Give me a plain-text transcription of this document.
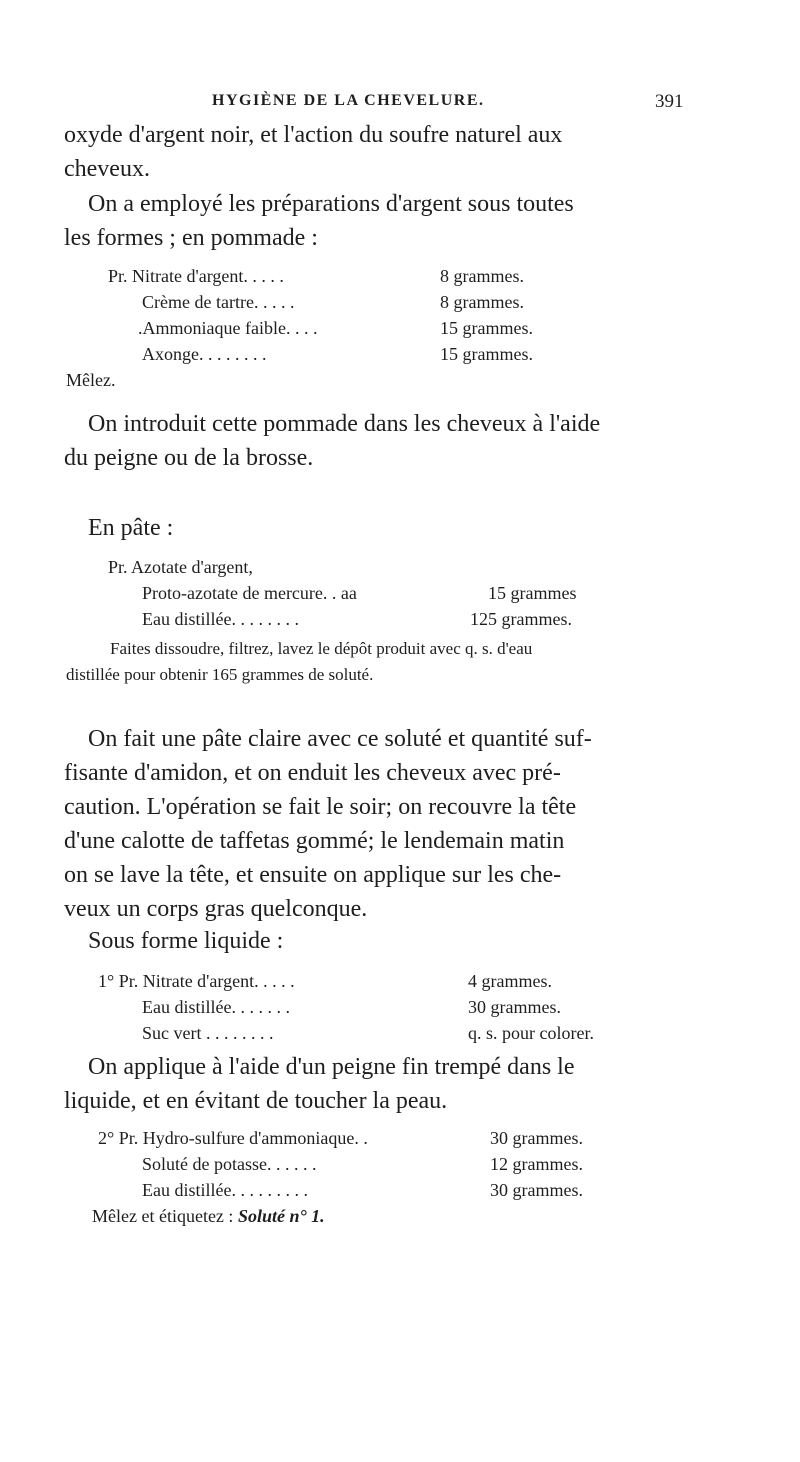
HYGIÈNE DE LA CHEVELURE.	391

oxyde d'argent noir, et l'action du soufre naturel aux

cheveux.

On a employé les préparations d'argent sous toutes

les formes ; en pommade :

Pr. Nitrate d'argent. . . . .	8 grammes.
Crème de tartre. . . . .	8 grammes.
.Ammoniaque faible. . . .	15 grammes.
Axonge. . . . . . . .	15 grammes.
Mêlez.

On introduit cette pommade dans les cheveux à l'aide

du peigne ou de la brosse.

En pâte :

Pr. Azotate d'argent,
Proto-azotate de mercure. . aa	15 grammes
Eau distillée. . . . . . . .	125 grammes.

Faites dissoudre, filtrez, lavez le dépôt produit avec q. s. d'eau

distillée pour obtenir 165 grammes de soluté.

On fait une pâte claire avec ce soluté et quantité suf-

fisante d'amidon, et on enduit les cheveux avec pré-

caution. L'opération se fait le soir; on recouvre la tête

d'une calotte de taffetas gommé; le lendemain matin

on se lave la tête, et ensuite on applique sur les che-

veux un corps gras quelconque.

Sous forme liquide :

1° Pr. Nitrate d'argent. . . . .	4 grammes.
Eau distillée. . . . . . .	30 grammes.
Suc vert . . . . . . . .	q. s. pour colorer.

On applique à l'aide d'un peigne fin trempé dans le

liquide, et en évitant de toucher la peau.

2° Pr. Hydro-sulfure d'ammoniaque. .	30 grammes.
Soluté de potasse. . . . . .	12 grammes.
Eau distillée. . . . . . . . .	30 grammes.
Mêlez et étiquetez : Soluté n° 1.
